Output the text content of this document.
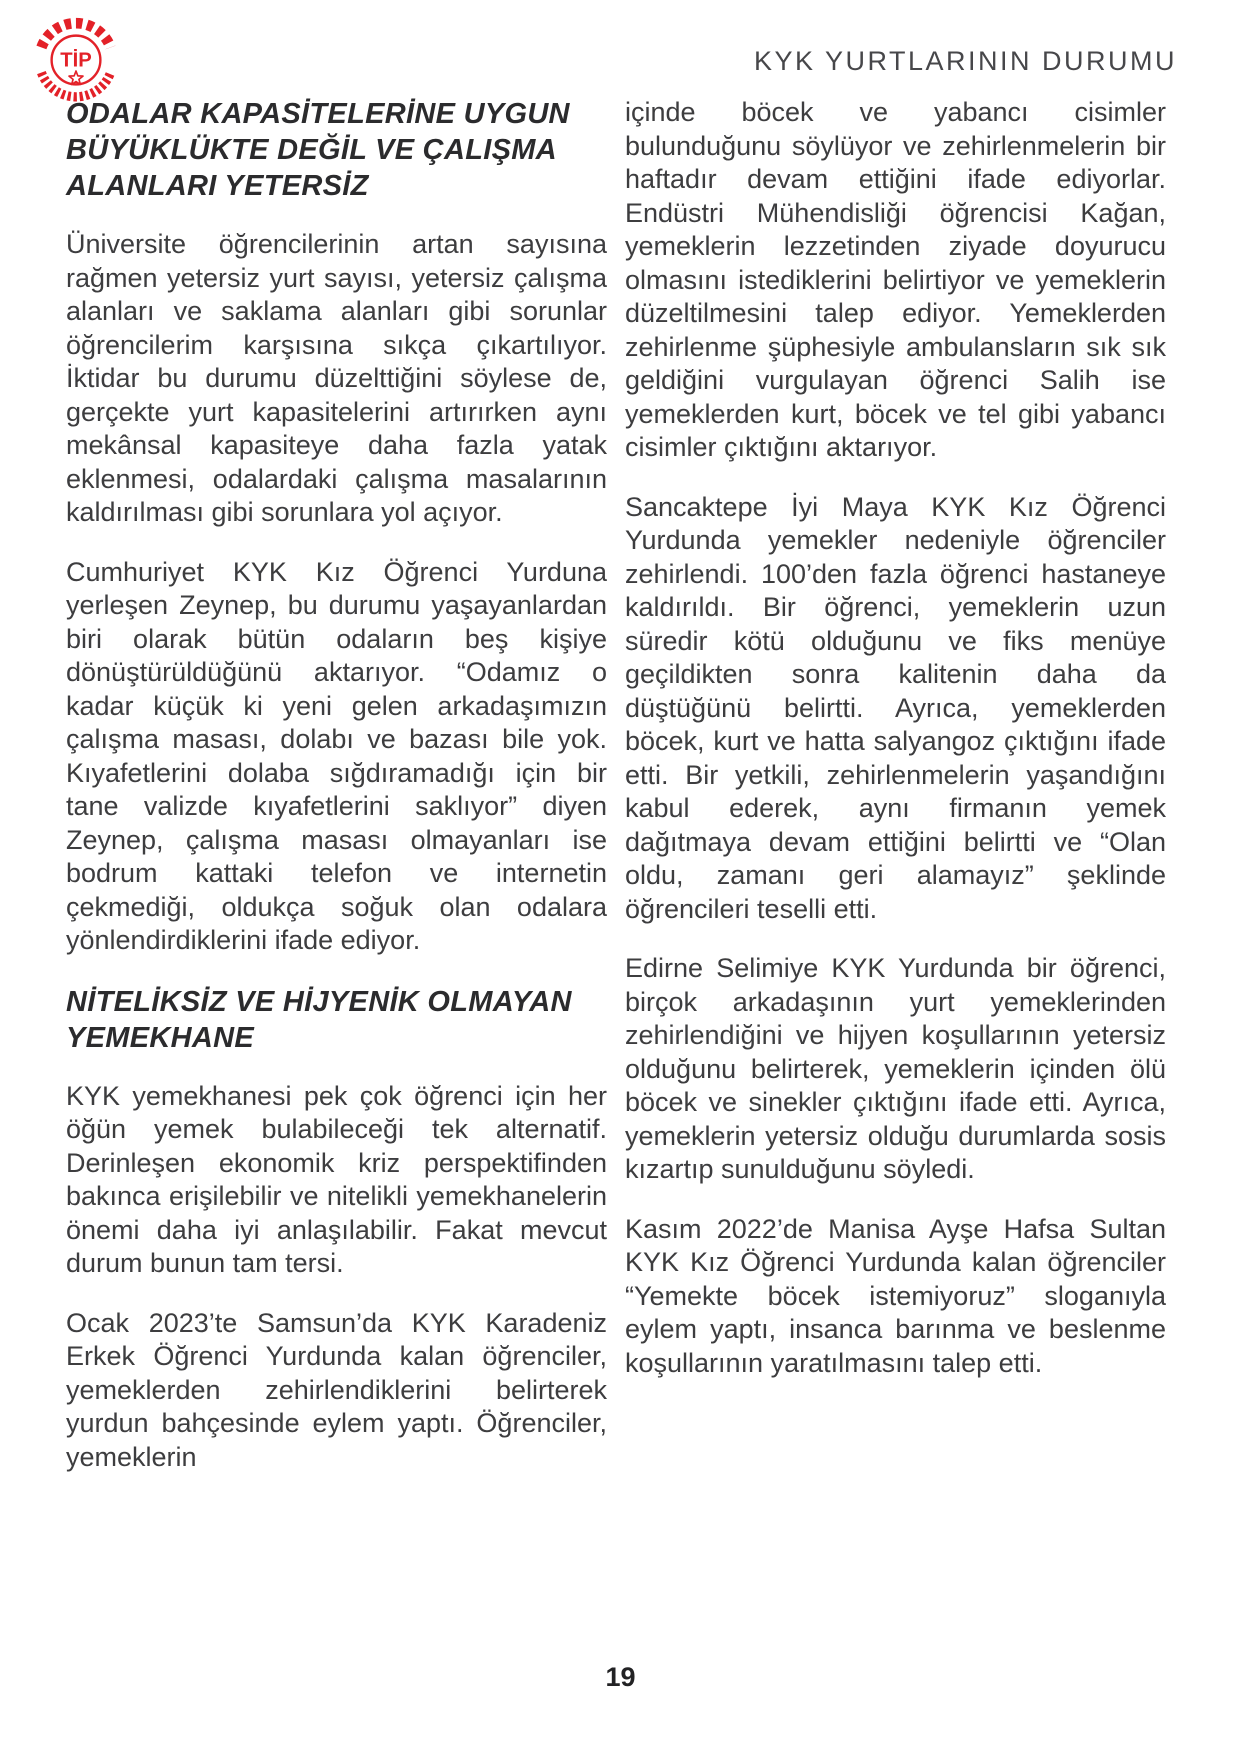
TİP	KYK YURTLARININ DURUMU
ODALAR KAPASİTELERİNE UYGUN BÜYÜKLÜKTE DEĞİL VE ÇALIŞMA ALANLARI YETERSİZ

Üniversite öğrencilerinin artan sayısına rağmen yetersiz yurt sayısı, yetersiz çalışma alanları ve saklama alanları gibi sorunlar öğrencilerim karşısına sıkça çıkartılıyor. İktidar bu durumu düzelttiğini söylese de, gerçekte yurt kapasitelerini artırırken aynı mekânsal kapasiteye daha fazla yatak eklenmesi, odalardaki çalışma masalarının kaldırılması gibi sorunlara yol açıyor.

Cumhuriyet KYK Kız Öğrenci Yurduna yerleşen Zeynep, bu durumu yaşayanlardan biri olarak bütün odaların beş kişiye dönüştürüldüğünü aktarıyor. “Odamız o kadar küçük ki yeni gelen arkadaşımızın çalışma masası, dolabı ve bazası bile yok. Kıyafetlerini dolaba sığdıramadığı için bir tane valizde kıyafetlerini saklıyor” diyen Zeynep, çalışma masası olmayanları ise bodrum kattaki telefon ve internetin çekmediği, oldukça soğuk olan odalara yönlendirdiklerini ifade ediyor.

NİTELİKSİZ VE HİJYENİK OLMAYAN YEMEKHANE

KYK yemekhanesi pek çok öğrenci için her öğün yemek bulabileceği tek alternatif. Derinleşen ekonomik kriz perspektifinden bakınca erişilebilir ve nitelikli yemekhanelerin önemi daha iyi anlaşılabilir. Fakat mevcut durum bunun tam tersi.

Ocak 2023’te Samsun’da KYK Karadeniz Erkek Öğrenci Yurdunda kalan öğrenciler, yemeklerden zehirlendiklerini belirterek yurdun bahçesinde eylem yaptı. Öğrenciler, yemeklerin

içinde böcek ve yabancı cisimler bulunduğunu söylüyor ve zehirlenmelerin bir haftadır devam ettiğini ifade ediyorlar. Endüstri Mühendisliği öğrencisi Kağan, yemeklerin lezzetinden ziyade doyurucu olmasını istediklerini belirtiyor ve yemeklerin düzeltilmesini talep ediyor. Yemeklerden zehirlenme şüphesiyle ambulansların sık sık geldiğini vurgulayan öğrenci Salih ise yemeklerden kurt, böcek ve tel gibi yabancı cisimler çıktığını aktarıyor.

Sancaktepe İyi Maya KYK Kız Öğrenci Yurdunda yemekler nedeniyle öğrenciler zehirlendi. 100’den fazla öğrenci hastaneye kaldırıldı. Bir öğrenci, yemeklerin uzun süredir kötü olduğunu ve fiks menüye geçildikten sonra kalitenin daha da düştüğünü belirtti. Ayrıca, yemeklerden böcek, kurt ve hatta salyangoz çıktığını ifade etti. Bir yetkili, zehirlenmelerin yaşandığını kabul ederek, aynı firmanın yemek dağıtmaya devam ettiğini belirtti ve “Olan oldu, zamanı geri alamayız” şeklinde öğrencileri teselli etti.

Edirne Selimiye KYK Yurdunda bir öğrenci, birçok arkadaşının yurt yemeklerinden zehirlendiğini ve hijyen koşullarının yetersiz olduğunu belirterek, yemeklerin içinden ölü böcek ve sinekler çıktığını ifade etti. Ayrıca, yemeklerin yetersiz olduğu durumlarda sosis kızartıp sunulduğunu söyledi.

Kasım 2022’de Manisa Ayşe Hafsa Sultan KYK Kız Öğrenci Yurdunda kalan öğrenciler “Yemekte böcek istemiyoruz” sloganıyla eylem yaptı, insanca barınma ve beslenme koşullarının yaratılmasını talep etti.

19
